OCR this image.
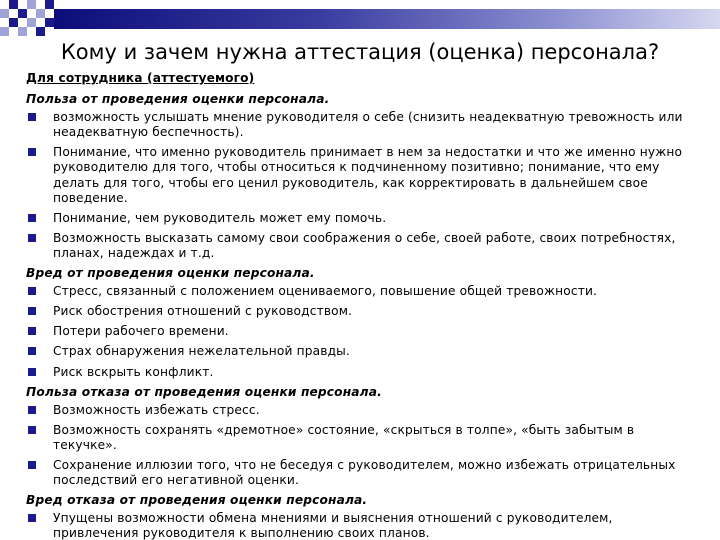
Кому и зачем нужна аттестация (оценка) персонала?
Для сотрудника (аттестуемого)
Польза от проведения оценки персонала.
возможность услышать мнение руководителя о себе (снизить неадекватную тревожность или неадекватную беспечность).
Понимание, что именно руководитель принимает в нем за недостатки и что же именно нужно руководителю для того, чтобы относиться к подчиненному позитивно; понимание, что ему делать для того, чтобы его ценил руководитель, как корректировать в дальнейшем свое поведение.
Понимание, чем руководитель может ему помочь.
Возможность высказать самому свои соображения о себе, своей работе, своих потребностях, планах, надеждах и т.д.
Вред от проведения оценки персонала.
Стресс, связанный с положением оцениваемого, повышение общей тревожности.
Риск обострения отношений с руководством.
Потери рабочего времени.
Страх обнаружения нежелательной правды.
Риск вскрыть конфликт.
Польза отказа от проведения оценки персонала.
Возможность избежать стресс.
Возможность сохранять «дремотное» состояние, «скрыться в толпе», «быть забытым в текучке».
Сохранение иллюзии того, что не беседуя с руководителем, можно избежать отрицательных последствий его негативной оценки.
Вред отказа от проведения оценки персонала.
Упущены возможности обмена мнениями и выяснения отношений с руководителем, привлечения руководителя к выполнению своих планов.
